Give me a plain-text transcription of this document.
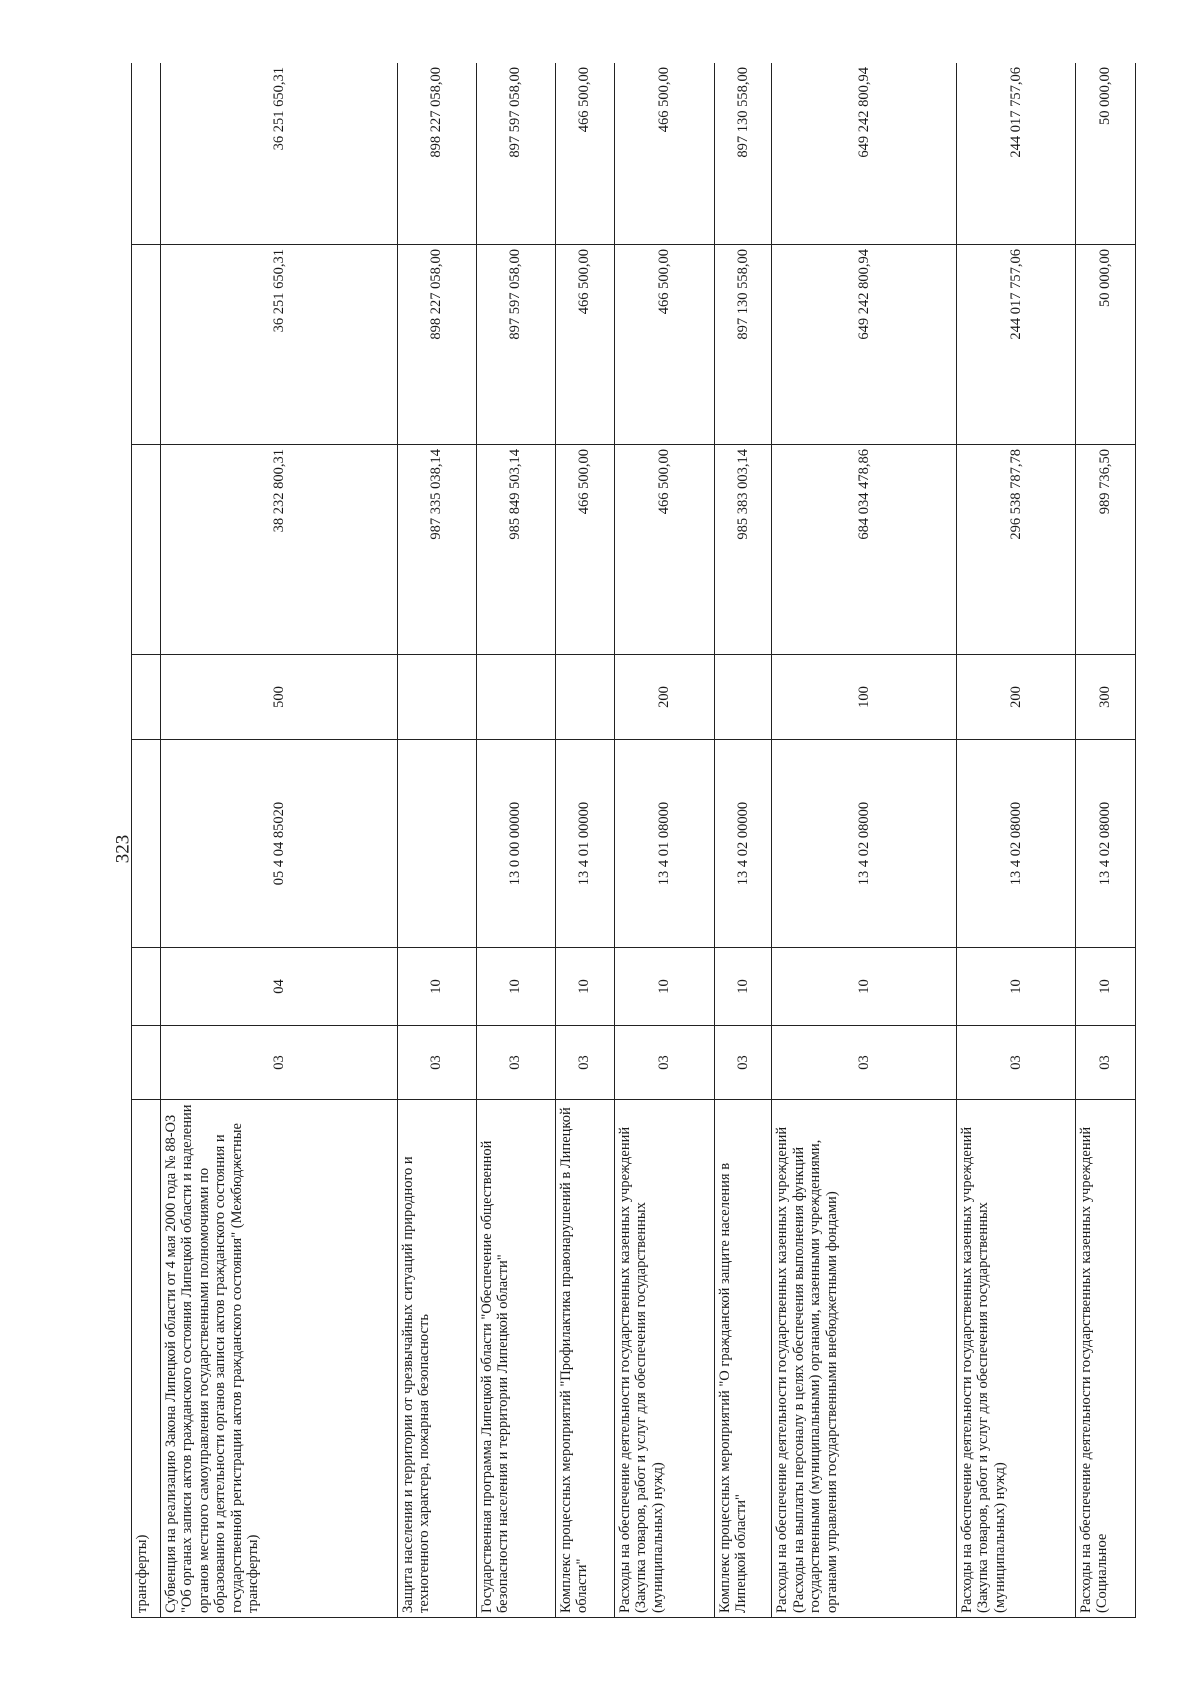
323
трансферты)							
Субвенция на реализацию Закона Липецкой области от 4 мая 2000 года № 88-ОЗ "Об органах записи актов гражданского состояния Липецкой области и наделении органов местного самоуправления государственными полномочиями по образованию и деятельности органов записи актов гражданского состояния и государственной регистрации актов гражданского состояния" (Межбюджетные трансферты)	03	04	05 4 04 85020	500	38 232 800,31	36 251 650,31	36 251 650,31
Защита населения и территории от чрезвычайных ситуаций природного и техногенного характера, пожарная безопасность	03	10			987 335 038,14	898 227 058,00	898 227 058,00
Государственная программа Липецкой области "Обеспечение общественной безопасности населения и территории Липецкой области"	03	10	13 0 00 00000		985 849 503,14	897 597 058,00	897 597 058,00
Комплекс процессных мероприятий "Профилактика правонарушений в Липецкой области"	03	10	13 4 01 00000		466 500,00	466 500,00	466 500,00
Расходы на обеспечение деятельности государственных казенных учреждений (Закупка товаров, работ и услуг для обеспечения государственных (муниципальных) нужд)	03	10	13 4 01 08000	200	466 500,00	466 500,00	466 500,00
Комплекс процессных мероприятий "О гражданской защите населения в Липецкой области"	03	10	13 4 02 00000		985 383 003,14	897 130 558,00	897 130 558,00
Расходы на обеспечение деятельности государственных казенных учреждений (Расходы на выплаты персоналу в целях обеспечения выполнения функций государственными (муниципальными) органами, казенными учреждениями, органами управления государственными внебюджетными фондами)	03	10	13 4 02 08000	100	684 034 478,86	649 242 800,94	649 242 800,94
Расходы на обеспечение деятельности государственных казенных учреждений (Закупка товаров, работ и услуг для обеспечения государственных (муниципальных) нужд)	03	10	13 4 02 08000	200	296 538 787,78	244 017 757,06	244 017 757,06
Расходы на обеспечение деятельности государственных казенных учреждений (Социальное	03	10	13 4 02 08000	300	989 736,50	50 000,00	50 000,00
